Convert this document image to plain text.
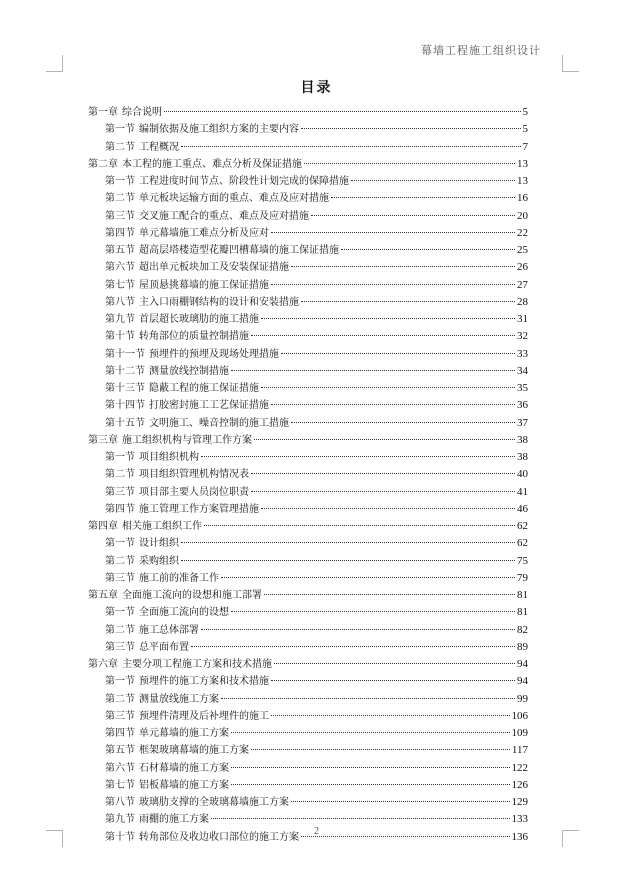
幕墙工程施工组织设计
目录
第一章 综合说明	5
第一节 编制依据及施工组织方案的主要内容	5
第二节 工程概况	7
第二章 本工程的施工重点、难点分析及保证措施	13
第一节 工程进度时间节点、阶段性计划完成的保障措施	13
第二节 单元板块运输方面的重点、难点及应对措施	16
第三节 交叉施工配合的重点、难点及应对措施	20
第四节 单元幕墙施工难点分析及应对	22
第五节 超高层塔楼造型花瓣凹槽幕墙的施工保证措施	25
第六节 超出单元板块加工及安装保证措施	26
第七节 屋顶悬挑幕墙的施工保证措施	27
第八节 主入口雨棚钢结构的设计和安装措施	28
第九节 首层超长玻璃肋的施工措施	31
第十节 转角部位的质量控制措施	32
第十一节 预埋件的预埋及现场处理措施	33
第十二节 测量放线控制措施	34
第十三节 隐蔽工程的施工保证措施	35
第十四节 打胶密封施工工艺保证措施	36
第十五节 文明施工、噪音控制的施工措施	37
第三章 施工组织机构与管理工作方案	38
第一节 项目组织机构	38
第二节 项目组织管理机构情况表	40
第三节 项目部主要人员岗位职责	41
第四节 施工管理工作方案管理措施	46
第四章 相关施工组织工作	62
第一节 设计组织	62
第二节 采购组织	75
第三节 施工前的准备工作	79
第五章 全面施工流向的设想和施工部署	81
第一节 全面施工流向的设想	81
第二节 施工总体部署	82
第三节 总平面布置	89
第六章 主要分项工程施工方案和技术措施	94
第一节 预埋件的施工方案和技术措施	94
第二节 测量放线施工方案	99
第三节 预埋件清理及后补埋件的施工	106
第四节 单元幕墙的施工方案	109
第五节 框架玻璃幕墙的施工方案	117
第六节 石材幕墙的施工方案	122
第七节 铝板幕墙的施工方案	126
第八节 玻璃肋支撑的全玻璃幕墙施工方案	129
第九节 雨棚的施工方案	133
第十节 转角部位及收边收口部位的施工方案	136
2
